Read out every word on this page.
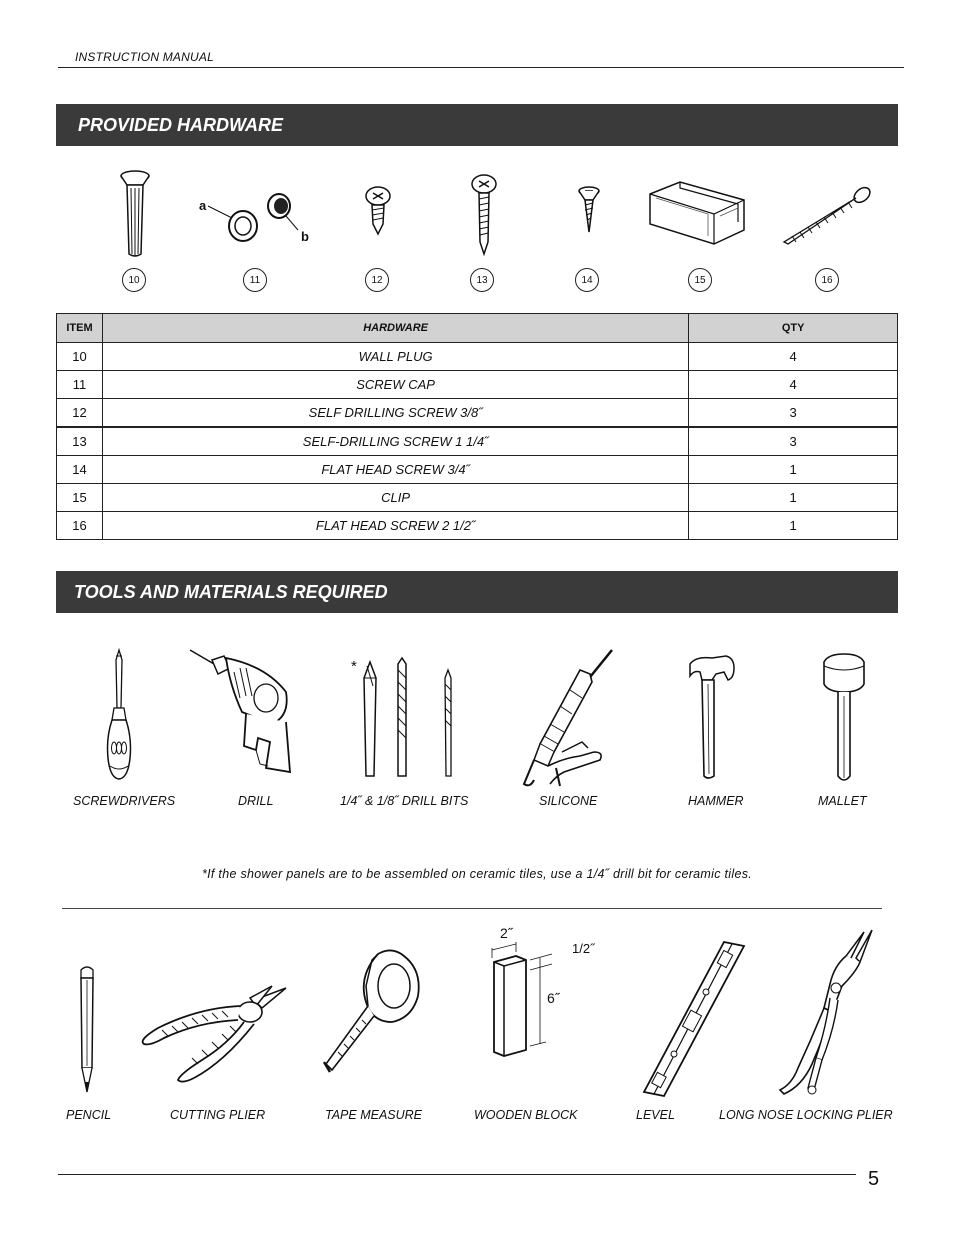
INSTRUCTION MANUAL
PROVIDED HARDWARE
a
b
10	11	12	13	14	15	16
ITEM	HARDWARE	QTY
10	WALL PLUG	4
11	SCREW CAP	4
12	SELF DRILLING SCREW 3/8˝	3
13	SELF-DRILLING SCREW 1 1/4˝	3
14	FLAT HEAD SCREW 3/4˝	1
15	CLIP	1
16	FLAT HEAD SCREW 2 1/2˝	1
TOOLS AND MATERIALS REQUIRED
*
SCREWDRIVERS	DRILL	1/4˝ & 1/8˝ DRILL BITS	SILICONE	HAMMER	MALLET
*If the shower panels are to be assembled on ceramic tiles, use a 1/4˝ drill bit for ceramic tiles.
2˝
1/2˝
6˝
PENCIL	CUTTING PLIER	TAPE MEASURE	WOODEN BLOCK	LEVEL	LONG NOSE LOCKING PLIER
5
